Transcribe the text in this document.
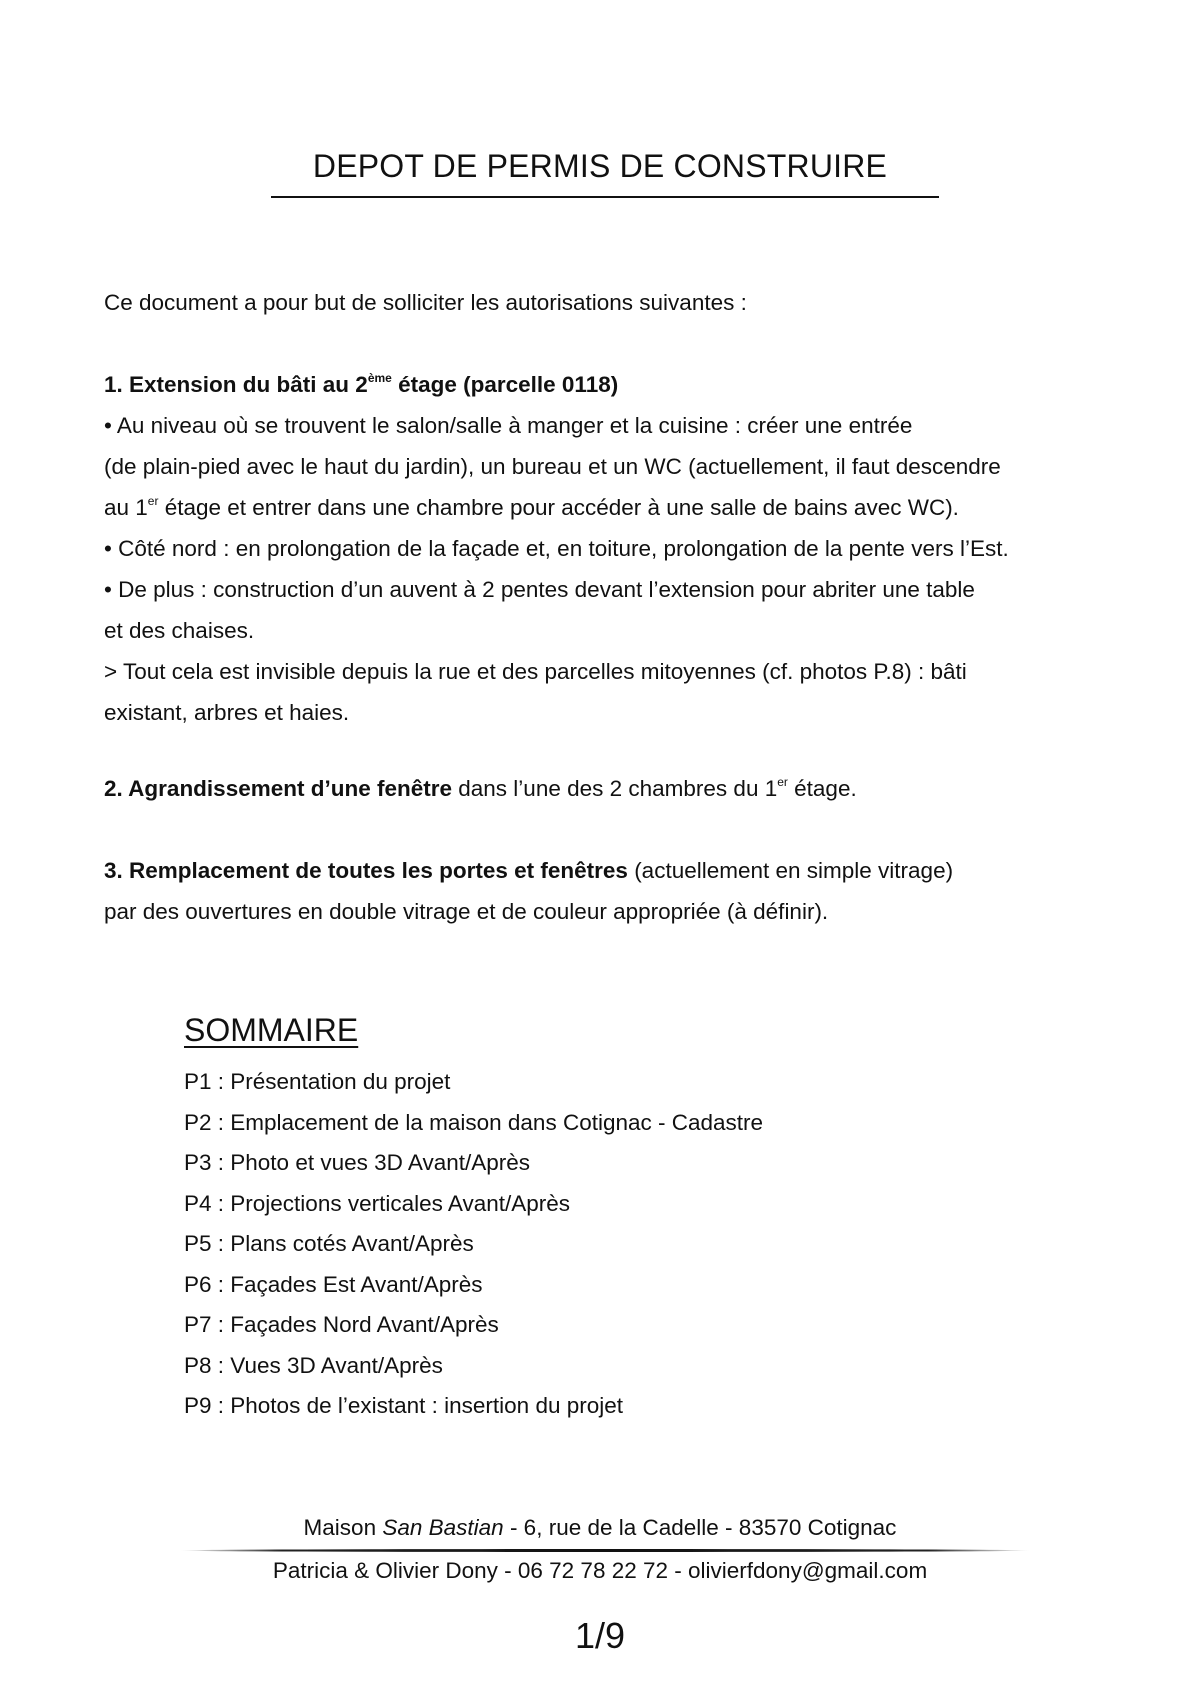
DEPOT DE PERMIS DE CONSTRUIRE

Ce document a pour but de solliciter les autorisations suivantes :

1. Extension du bâti au 2ème étage (parcelle 0118)

• Au niveau où se trouvent le salon/salle à manger et la cuisine : créer une entrée

(de plain-pied avec le haut du jardin), un bureau et un WC (actuellement, il faut descendre

au 1er étage et entrer dans une chambre pour accéder à une salle de bains avec WC).

• Côté nord : en prolongation de la façade et, en toiture, prolongation de la pente vers l’Est.

• De plus : construction d’un auvent à 2 pentes devant l’extension pour abriter une table

et des chaises.

> Tout cela est invisible depuis la rue et des parcelles mitoyennes (cf. photos P.8) : bâti

existant, arbres et haies.

2. Agrandissement d’une fenêtre dans l’une des 2 chambres du 1er étage.

3. Remplacement de toutes les portes et fenêtres (actuellement en simple vitrage)

par des ouvertures en double vitrage et de couleur appropriée (à définir).

SOMMAIRE

P1 : Présentation du projet

P2 : Emplacement de la maison dans Cotignac - Cadastre

P3 : Photo et vues 3D Avant/Après

P4 : Projections verticales Avant/Après

P5 : Plans cotés Avant/Après

P6 : Façades Est Avant/Après

P7 : Façades Nord Avant/Après

P8 : Vues 3D Avant/Après

P9 : Photos de l’existant : insertion du projet

Maison San Bastian - 6, rue de la Cadelle - 83570 Cotignac
Patricia & Olivier Dony - 06 72 78 22 72 - olivierfdony@gmail.com
1/9
